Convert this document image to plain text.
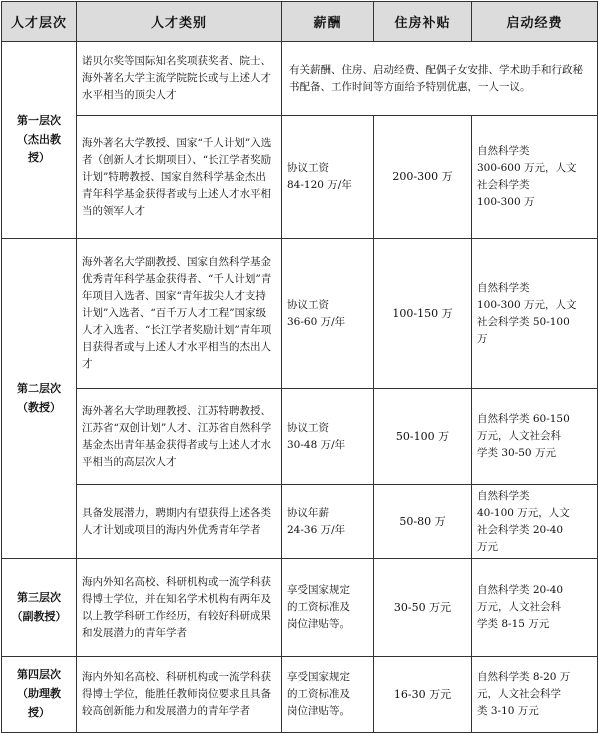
人才层次	人才类别	薪酬	住房补贴	启动经费

第一层次
（杰出教
授）	诺贝尔奖等国际知名奖项获奖者、院士、海外著名大学主流学院院长或与上述人才水平相当的顶尖人才	有关薪酬、住房、启动经费、配偶子女安排、学术助手和行政秘书配备、工作时间等方面给予特别优惠，一人一议。		
	海外著名大学教授、国家“千人计划”入选者（创新人才长期项目）、“长江学者奖励计划”特聘教授、国家自然科学基金杰出青年科学基金获得者或与上述人才水平相当的领军人才	协议工资
84-120 万/年	200-300 万	自然科学类
300-600 万元，人文
社会科学类
100-300 万

第二层次
（教授）	海外著名大学副教授、国家自然科学基金优秀青年科学基金获得者、“千人计划”青年项目入选者、国家“青年拔尖人才支持计划”入选者、“百千万人才工程”国家级人才入选者、“长江学者奖励计划”青年项目获得者或与上述人才水平相当的杰出人才	协议工资
36-60 万/年	100-150 万	自然科学类
100-300 万元，人文
社会科学类 50-100
万

	海外著名大学助理教授、江苏特聘教授、江苏省“双创计划”人才、江苏省自然科学基金杰出青年基金获得者或与上述人才水平相当的高层次人才	协议工资
30-48 万/年	50-100 万	自然科学类 60-150
万元，人文社会科
学类 30-50 万元

	具备发展潜力，聘期内有望获得上述各类人才计划或项目的海内外优秀青年学者	协议年薪
24-36 万/年	50-80 万	自然科学类
40-100 万元，人文
社会科学类 20-40
万元

第三层次
（副教授）	海内外知名高校、科研机构或一流学科获得博士学位，并在知名学术机构有两年及以上教学科研工作经历，有较好科研成果和发展潜力的青年学者	享受国家规定
的工资标准及
岗位津贴等。	30-50 万元	自然科学类 20-40
万元，人文社会科
学类 8-15 万元

第四层次
（助理教
授）	海内外知名高校、科研机构或一流学科获得博士学位，能胜任教师岗位要求且具备较高创新能力和发展潜力的青年学者	享受国家规定
的工资标准及
岗位津贴等。	16-30 万元	自然科学类 8-20 万
元，人文社会科学
类 3-10 万元
